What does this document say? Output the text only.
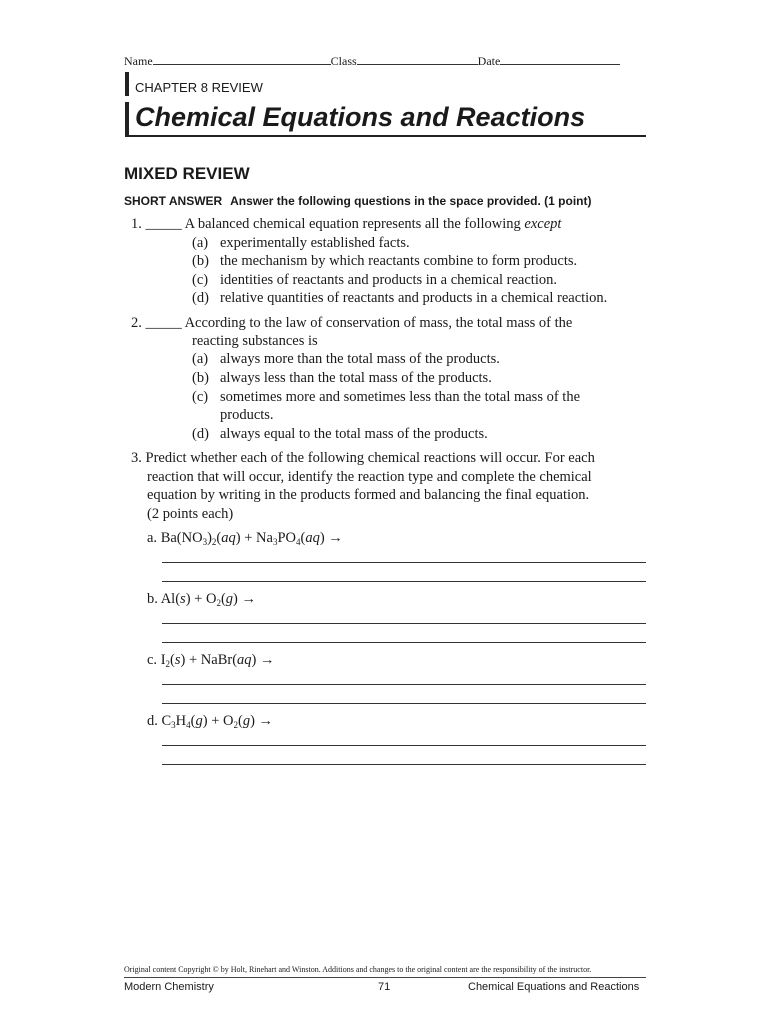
Name	Class	Date
CHAPTER 8 REVIEW
Chemical Equations and Reactions
MIXED REVIEW
SHORT ANSWER Answer the following questions in the space provided. (1 point)
1. _____ A balanced chemical equation represents all the following except
(a) experimentally established facts.
(b) the mechanism by which reactants combine to form products.
(c) identities of reactants and products in a chemical reaction.
(d) relative quantities of reactants and products in a chemical reaction.
2. _____ According to the law of conservation of mass, the total mass of the
reacting substances is
(a) always more than the total mass of the products.
(b) always less than the total mass of the products.
(c) sometimes more and sometimes less than the total mass of the
products.
(d) always equal to the total mass of the products.
3. Predict whether each of the following chemical reactions will occur. For each
reaction that will occur, identify the reaction type and complete the chemical
equation by writing in the products formed and balancing the final equation.
(2 points each)
a. $Ba(NO_3)_2(aq) + Na_3PO_4(aq)$ →
b. $Al(s) + O_2(g)$ →
c. $I_2(s)$ + NaBr(aq) →
d. $C_3H_4(g) + O_2(g)$ →
Original content Copyright © by Holt, Rinehart and Winston. Additions and changes to the original content are the responsibility of the instructor.
Modern Chemistry	71	Chemical Equations and Reactions
